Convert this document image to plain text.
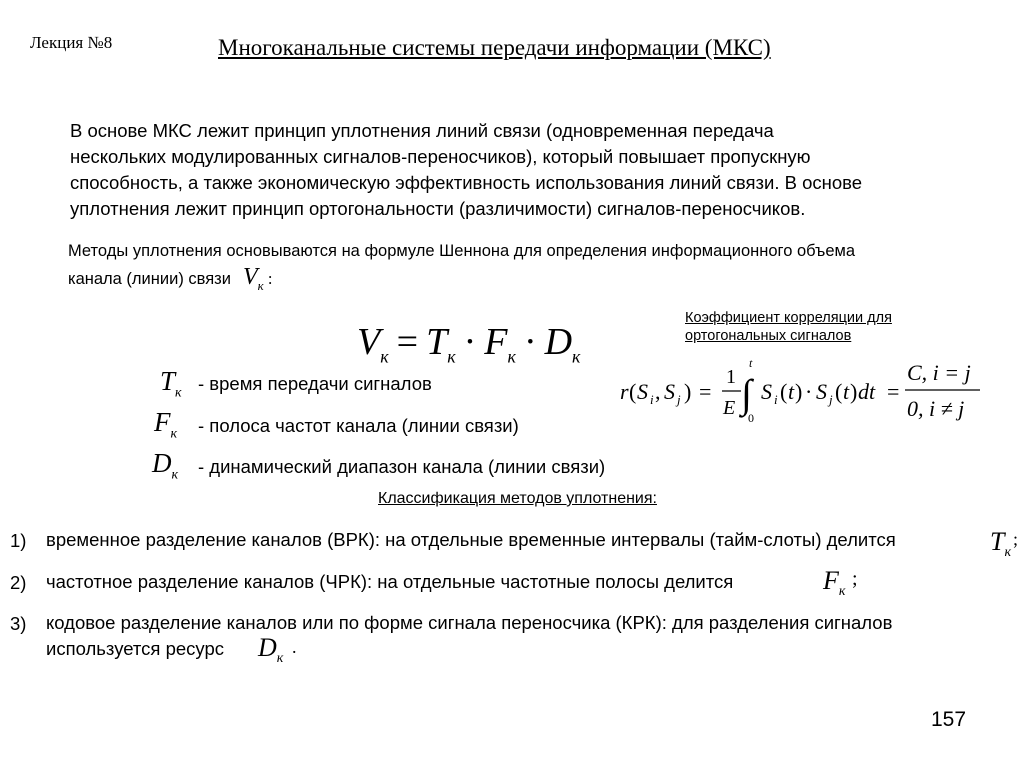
Лекция №8	Многоканальные системы передачи информации (МКС)
В основе МКС лежит принцип уплотнения линий связи (одновременная передача
нескольких модулированных сигналов-переносчиков), который повышает пропускную
способность, а также экономическую эффективность использования линий связи. В основе
уплотнения лежит принцип ортогональности (различимости) сигналов-переносчиков.
Методы уплотнения основываются на формуле Шеннона для определения информационного объема
канала (линии) связи $V_к$ :
$V_к = T_к \cdot F_к \cdot D_к$
$T_к$ - время передачи сигналов
$F_к$ - полоса частот канала (линии связи)
$D_к$ - динамический диапазон канала (линии связи)
Коэффициент корреляции для
ортогональных сигналов
r ( S i , S j ) =
1
E ∫
t
0
S i ( t ) · S j ( t ) dt =
C, i = j
0, i ≠ j
Классификация методов уплотнения:
1) временное разделение каналов (ВРК): на отдельные временные интервалы (тайм-слоты) делится	$T_к$
;
2) частотное разделение каналов (ЧРК): на отдельные частотные полосы делится	$F_к$
;
3) кодовое разделение каналов или по форме сигнала переносчика (КРК): для разделения сигналов
используется ресурс $D_к$
.
157
